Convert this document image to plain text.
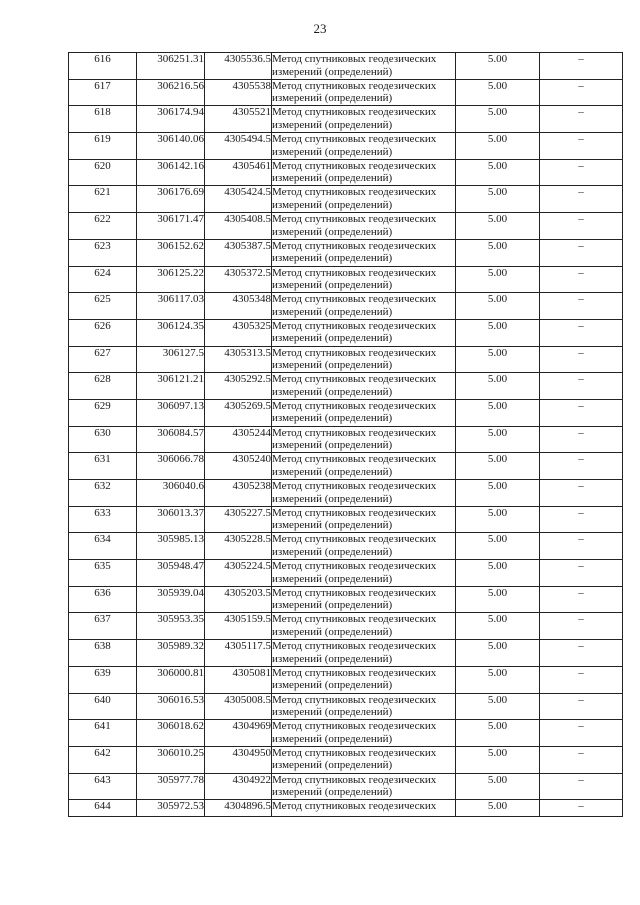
23
616	306251.31	4305536.5	Метод спутниковых геодезических измерений (определений)	5.00	–
617	306216.56	4305538	Метод спутниковых геодезических измерений (определений)	5.00	–
618	306174.94	4305521	Метод спутниковых геодезических измерений (определений)	5.00	–
619	306140.06	4305494.5	Метод спутниковых геодезических измерений (определений)	5.00	–
620	306142.16	4305461	Метод спутниковых геодезических измерений (определений)	5.00	–
621	306176.69	4305424.5	Метод спутниковых геодезических измерений (определений)	5.00	–
622	306171.47	4305408.5	Метод спутниковых геодезических измерений (определений)	5.00	–
623	306152.62	4305387.5	Метод спутниковых геодезических измерений (определений)	5.00	–
624	306125.22	4305372.5	Метод спутниковых геодезических измерений (определений)	5.00	–
625	306117.03	4305348	Метод спутниковых геодезических измерений (определений)	5.00	–
626	306124.35	4305325	Метод спутниковых геодезических измерений (определений)	5.00	–
627	306127.5	4305313.5	Метод спутниковых геодезических измерений (определений)	5.00	–
628	306121.21	4305292.5	Метод спутниковых геодезических измерений (определений)	5.00	–
629	306097.13	4305269.5	Метод спутниковых геодезических измерений (определений)	5.00	–
630	306084.57	4305244	Метод спутниковых геодезических измерений (определений)	5.00	–
631	306066.78	4305240	Метод спутниковых геодезических измерений (определений)	5.00	–
632	306040.6	4305238	Метод спутниковых геодезических измерений (определений)	5.00	–
633	306013.37	4305227.5	Метод спутниковых геодезических измерений (определений)	5.00	–
634	305985.13	4305228.5	Метод спутниковых геодезических измерений (определений)	5.00	–
635	305948.47	4305224.5	Метод спутниковых геодезических измерений (определений)	5.00	–
636	305939.04	4305203.5	Метод спутниковых геодезических измерений (определений)	5.00	–
637	305953.35	4305159.5	Метод спутниковых геодезических измерений (определений)	5.00	–
638	305989.32	4305117.5	Метод спутниковых геодезических измерений (определений)	5.00	–
639	306000.81	4305081	Метод спутниковых геодезических измерений (определений)	5.00	–
640	306016.53	4305008.5	Метод спутниковых геодезических измерений (определений)	5.00	–
641	306018.62	4304969	Метод спутниковых геодезических измерений (определений)	5.00	–
642	306010.25	4304950	Метод спутниковых геодезических измерений (определений)	5.00	–
643	305977.78	4304922	Метод спутниковых геодезических измерений (определений)	5.00	–
644	305972.53	4304896.5	Метод спутниковых геодезических	5.00	–
